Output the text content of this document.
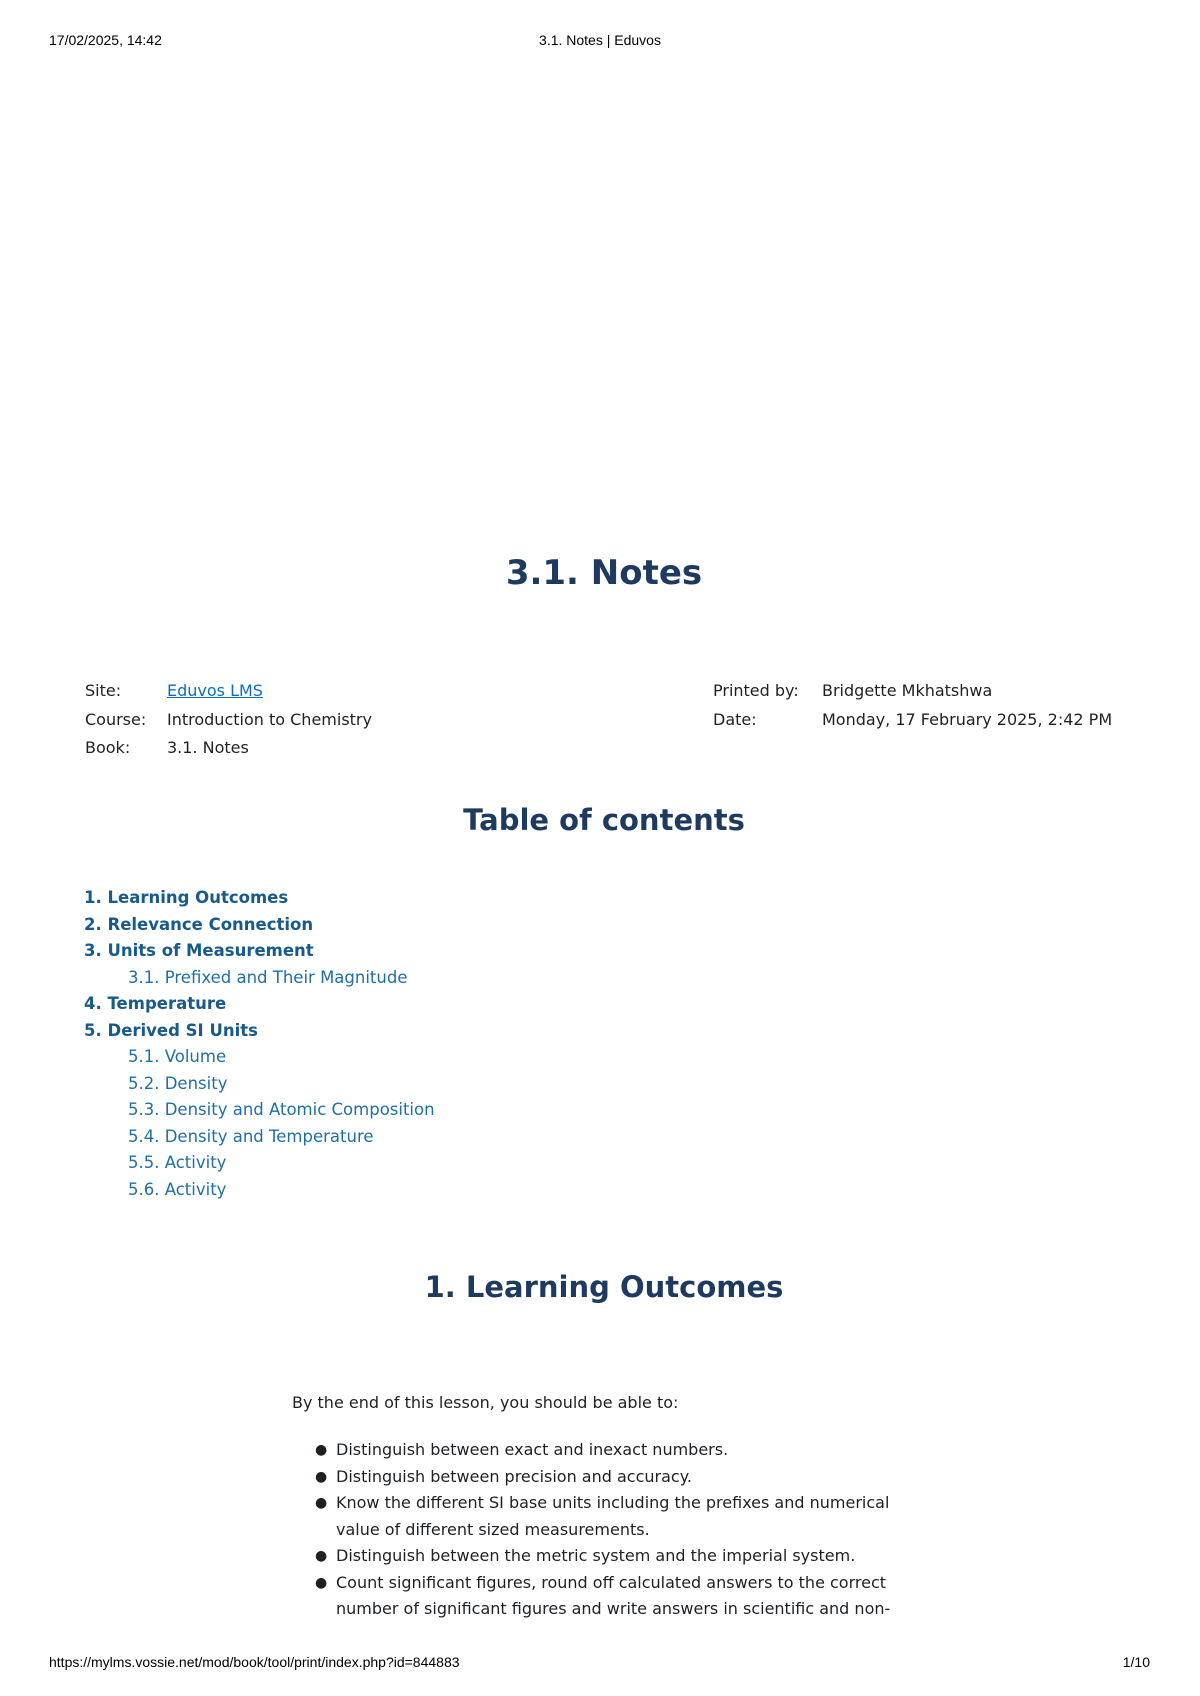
17/02/2025, 14:42	3.1. Notes | Eduvos
3.1. Notes
Site:	Eduvos LMS
Course:	Introduction to Chemistry
Book:	3.1. Notes
Printed by:	Bridgette Mkhatshwa
Date:	Monday, 17 February 2025, 2:42 PM
Table of contents
1. Learning Outcomes
2. Relevance Connection
3. Units of Measurement
3.1. Prefixed and Their Magnitude
4. Temperature
5. Derived SI Units
5.1. Volume
5.2. Density
5.3. Density and Atomic Composition
5.4. Density and Temperature
5.5. Activity
5.6. Activity
1. Learning Outcomes

By the end of this lesson, you should be able to:

● Distinguish between exact and inexact numbers.
● Distinguish between precision and accuracy.
● Know the different SI base units including the prefixes and numerical value of different sized measurements.
● Distinguish between the metric system and the imperial system.
● Count significant figures, round off calculated answers to the correct number of significant figures and write answers in scientific and non-
https://mylms.vossie.net/mod/book/tool/print/index.php?id=844883	1/10
